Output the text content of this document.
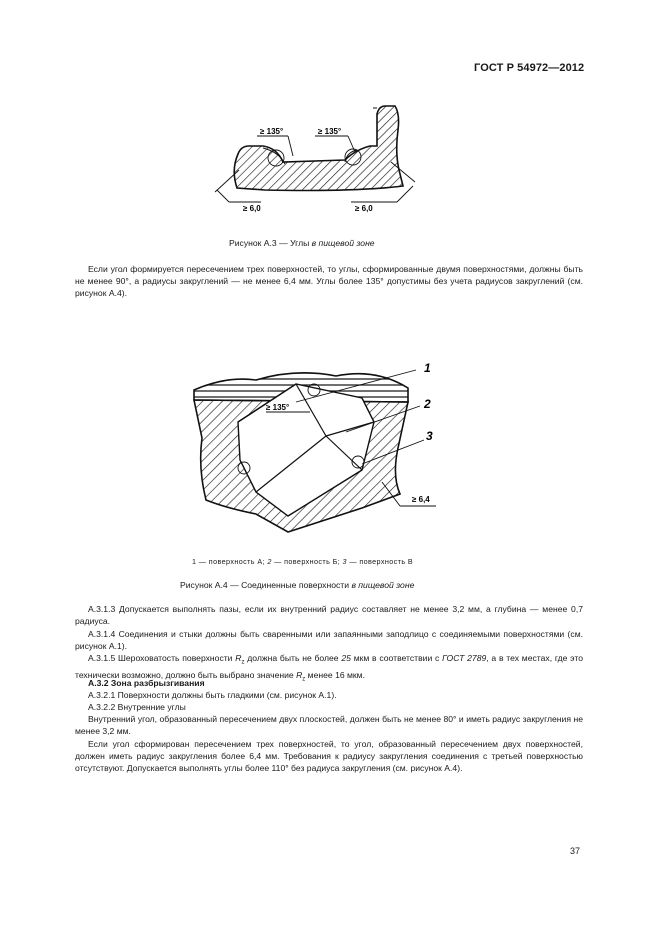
ГОСТ Р 54972—2012
≥ 135°	≥ 135°
≥ 6,0	≥ 6,0
Рисунок А.3 — Углы в пищевой зоне
Если угол формируется пересечением трех поверхностей, то углы, сформированные двумя поверхностями, должны быть не менее 90°, а радиусы закруглений — не менее 6,4 мм. Углы более 135° допустимы без учета радиусов закруглений (см. рисунок А.4).
1
2
3
≥ 135°
≥ 6,4
1 — поверхность А; 2 — поверхность Б; 3 — поверхность В
Рисунок А.4 — Соединенные поверхности в пищевой зоне
А.3.1.3 Допускается выполнять пазы, если их внутренний радиус составляет не менее 3,2 мм, а глубина — менее 0,7 радиуса.
А.3.1.4 Соединения и стыки должны быть сваренными или запаянными заподлицо с соединяемыми поверхностями (см. рисунок А.1).
А.3.1.5 Шероховатость поверхности $R_z$ должна быть не более 25 мкм в соответствии с ГОСТ 2789, а в тех местах, где это технически возможно, должно быть выбрано значение $R_z$ менее 16 мкм.
А.3.2 Зона разбрызгивания
А.3.2.1 Поверхности должны быть гладкими (см. рисунок А.1).
А.3.2.2 Внутренние углы
Внутренний угол, образованный пересечением двух плоскостей, должен быть не менее 80° и иметь радиус закругления не менее 3,2 мм.
Если угол сформирован пересечением трех поверхностей, то угол, образованный пересечением двух поверхностей, должен иметь радиус закругления более 6,4 мм. Требования к радиусу закругления соединения с третьей поверхностью отсутствуют. Допускается выполнять углы более 110° без радиуса закругления (см. рисунок А.4).
37
